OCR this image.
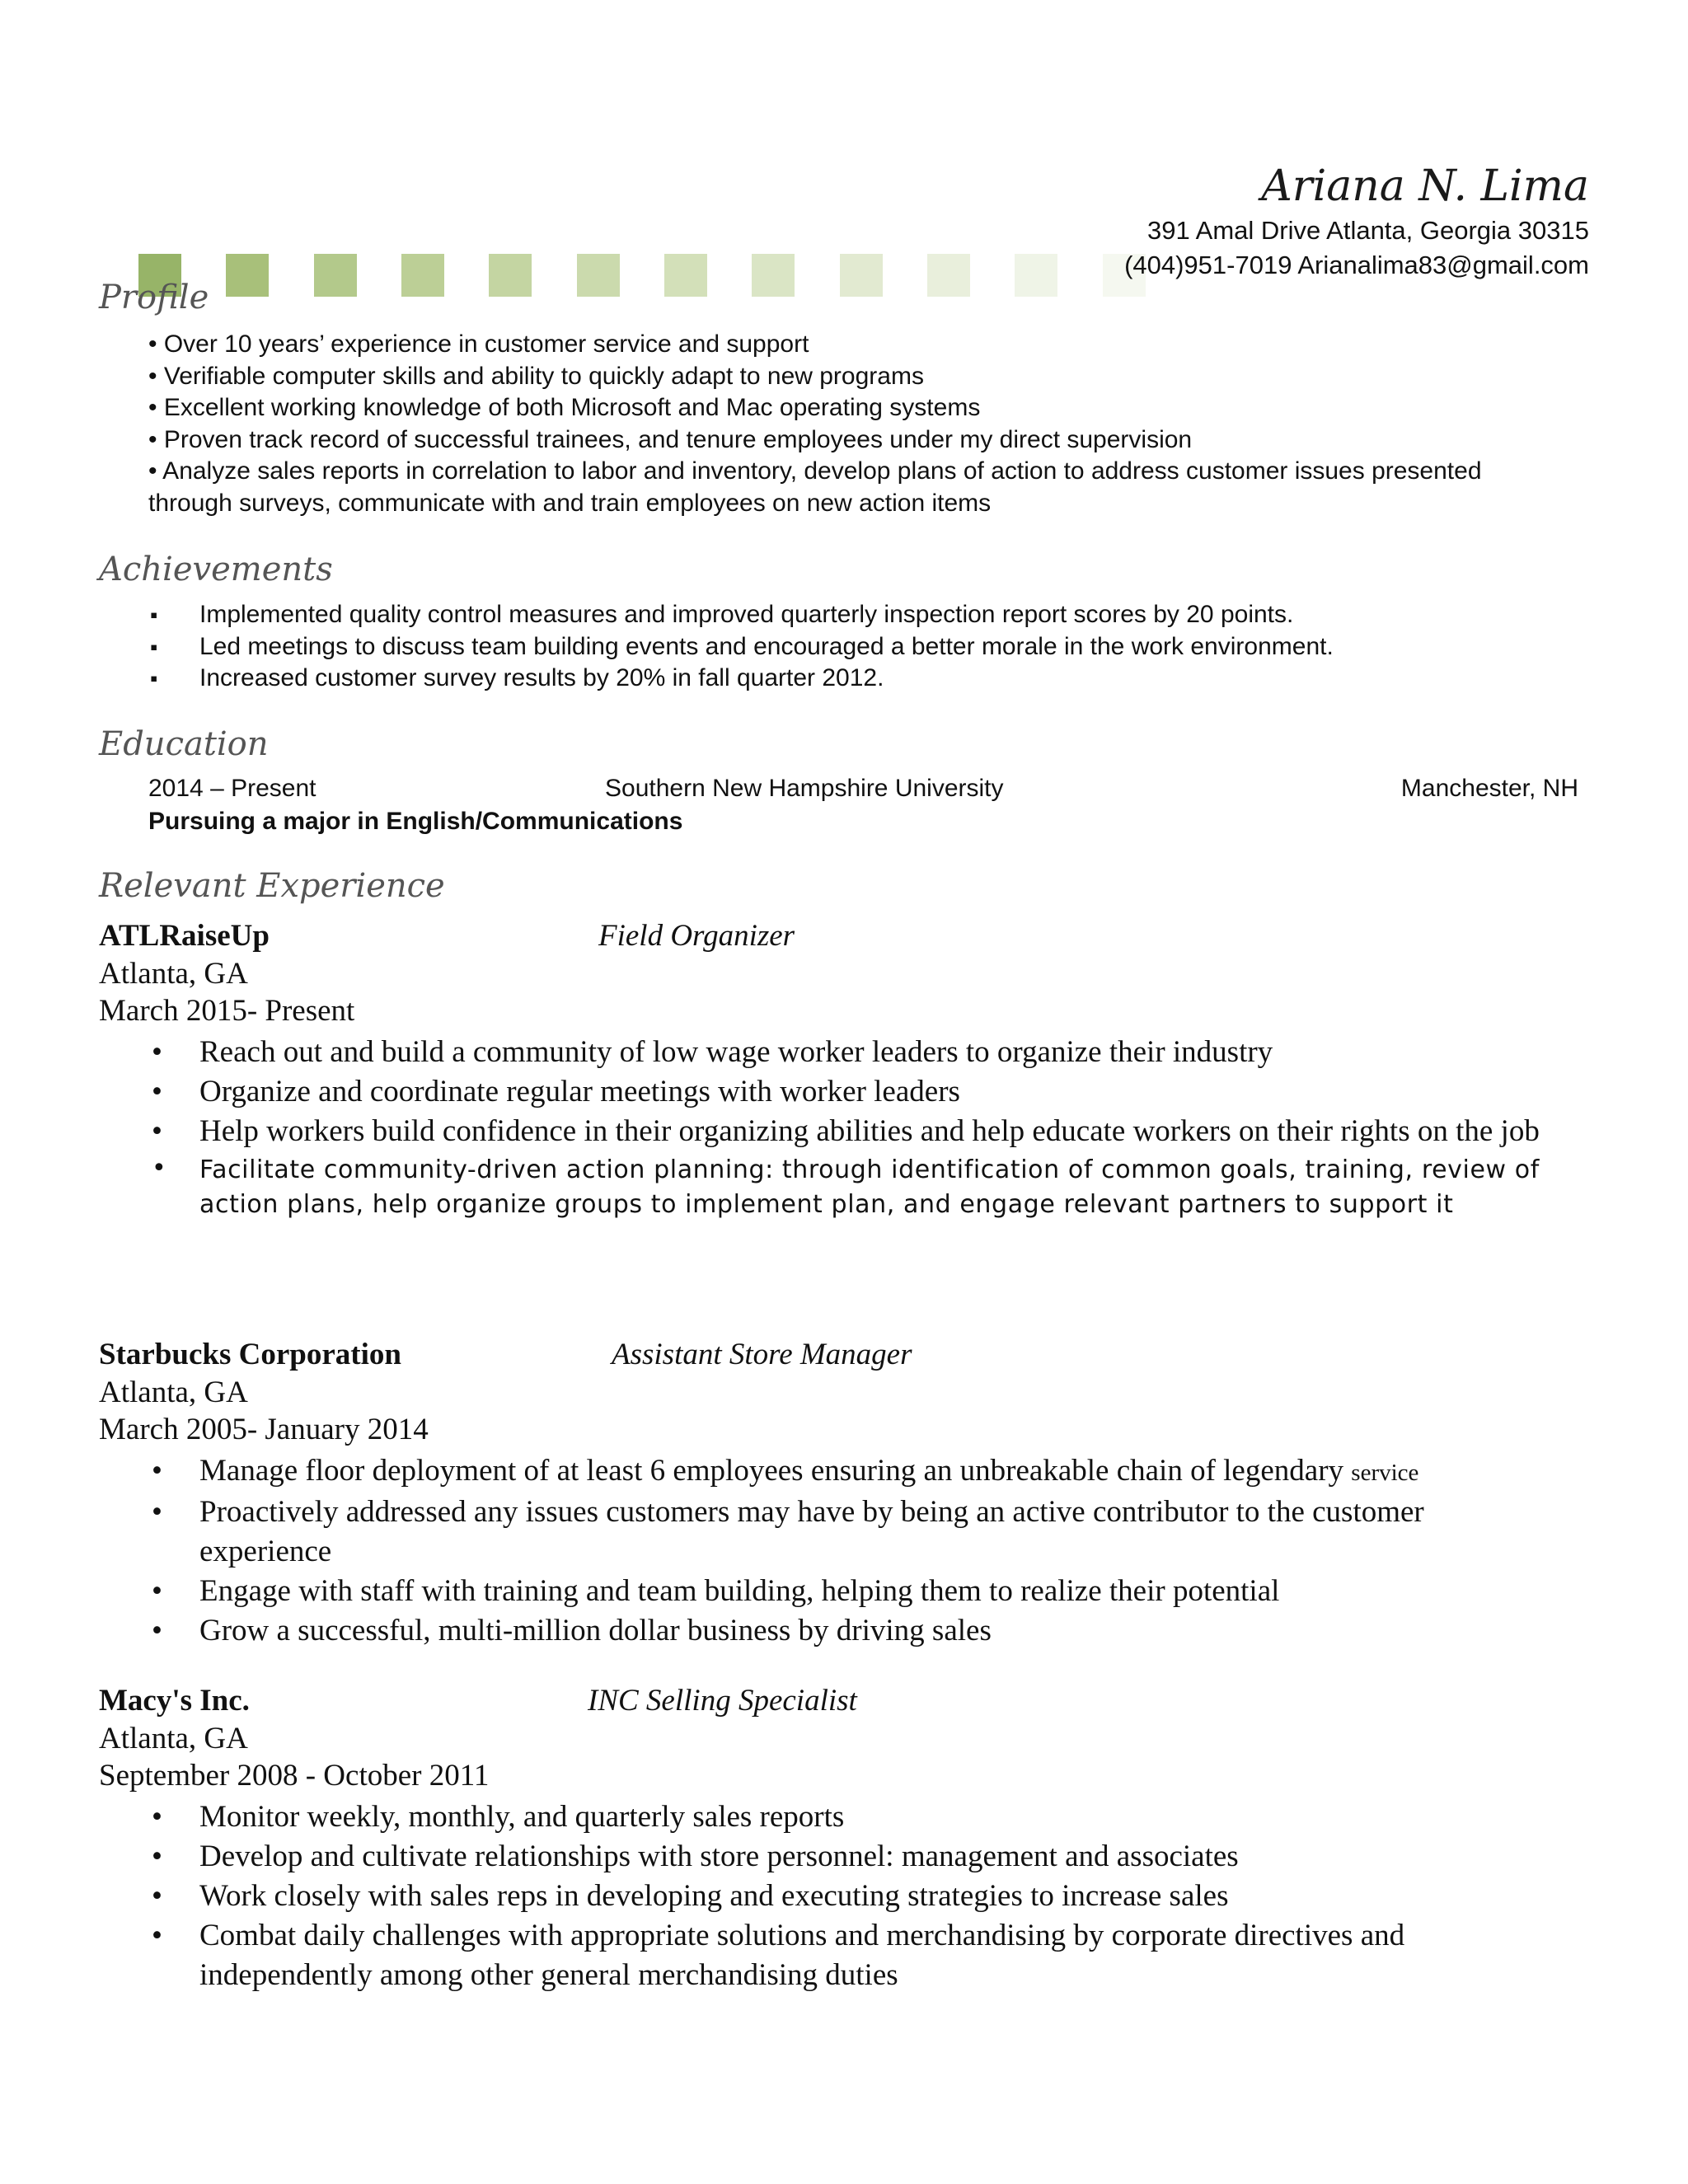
Ariana N. Lima
391 Amal Drive Atlanta, Georgia 30315
(404)951-7019 Arianalima83@gmail.com
Profile

• Over 10 years’ experience in customer service and support

• Verifiable computer skills and ability to quickly adapt to new programs

• Excellent working knowledge of both Microsoft and Mac operating systems

• Proven track record of successful trainees, and tenure employees under my direct supervision

• Analyze sales reports in correlation to labor and inventory, develop plans of action to address customer issues presented through surveys, communicate with and train employees on new action items

Achievements
▪ Implemented quality control measures and improved quarterly inspection report scores by 20 points.
▪ Led meetings to discuss team building events and encouraged a better morale in the work environment.
▪ Increased customer survey results by 20% in fall quarter 2012.
Education
2014 – Present	Southern New Hampshire University	Manchester, NH
Pursuing a major in English/Communications
Relevant Experience
ATLRaiseUp	Field Organizer
Atlanta, GA
March 2015- Present
• Reach out and build a community of low wage worker leaders to organize their industry
• Organize and coordinate regular meetings with worker leaders
• Help workers build confidence in their organizing abilities and help educate workers on their rights on the job
• Facilitate community-driven action planning: through identification of common goals, training, review of action plans, help organize groups to implement plan, and engage relevant partners to support it
Starbucks Corporation	Assistant Store Manager
Atlanta, GA
March 2005- January 2014
• Manage floor deployment of at least 6 employees ensuring an unbreakable chain of legendary service
• Proactively addressed any issues customers may have by being an active contributor to the customer experience
• Engage with staff with training and team building, helping them to realize their potential
• Grow a successful, multi-million dollar business by driving sales
Macy's Inc.	INC Selling Specialist
Atlanta, GA
September 2008 - October 2011
• Monitor weekly, monthly, and quarterly sales reports
• Develop and cultivate relationships with store personnel: management and associates
• Work closely with sales reps in developing and executing strategies to increase sales
• Combat daily challenges with appropriate solutions and merchandising by corporate directives and independently among other general merchandising duties
